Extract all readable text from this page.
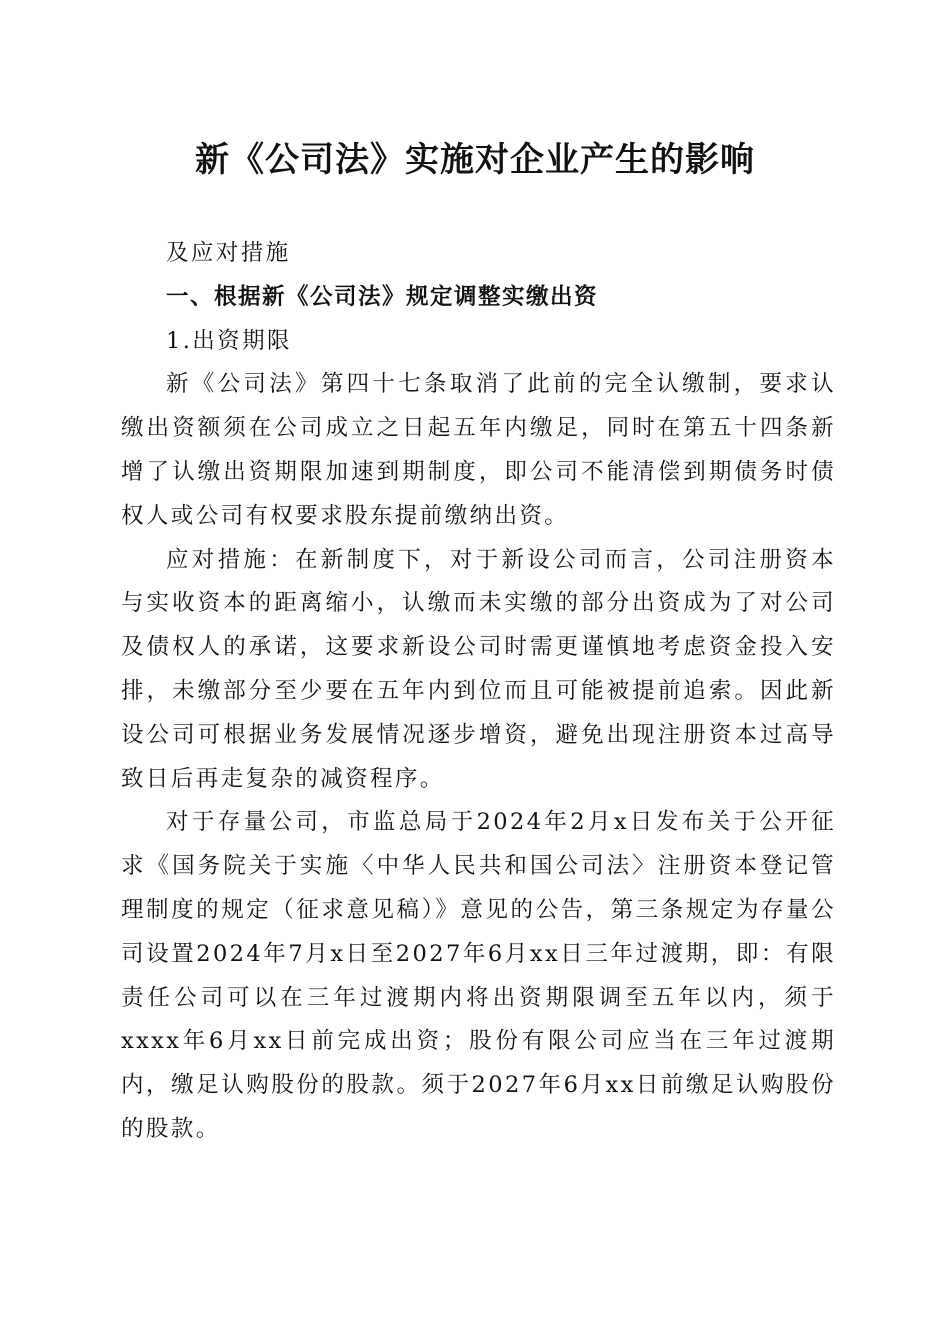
新《公司法》实施对企业产生的影响

及应对措施

一、根据新《公司法》规定调整实缴出资

1.出资期限

新《公司法》第四十七条取消了此前的完全认缴制，要求认缴出资额须在公司成立之日起五年内缴足，同时在第五十四条新增了认缴出资期限加速到期制度，即公司不能清偿到期债务时债权人或公司有权要求股东提前缴纳出资。

应对措施：在新制度下，对于新设公司而言，公司注册资本与实收资本的距离缩小，认缴而未实缴的部分出资成为了对公司及债权人的承诺，这要求新设公司时需更谨慎地考虑资金投入安排，未缴部分至少要在五年内到位而且可能被提前追索。因此新设公司可根据业务发展情况逐步增资，避免出现注册资本过高导致日后再走复杂的减资程序。

对于存量公司，市监总局于2024年2月x日发布关于公开征求《国务院关于实施〈中华人民共和国公司法〉注册资本登记管理制度的规定（征求意见稿）》意见的公告，第三条规定为存量公司设置2024年7月x日至2027年6月xx日三年过渡期，即：有限责任公司可以在三年过渡期内将出资期限调至五年以内，须于xxxx年6月xx日前完成出资；股份有限公司应当在三年过渡期内，缴足认购股份的股款。须于2027年6月xx日前缴足认购股份的股款。
